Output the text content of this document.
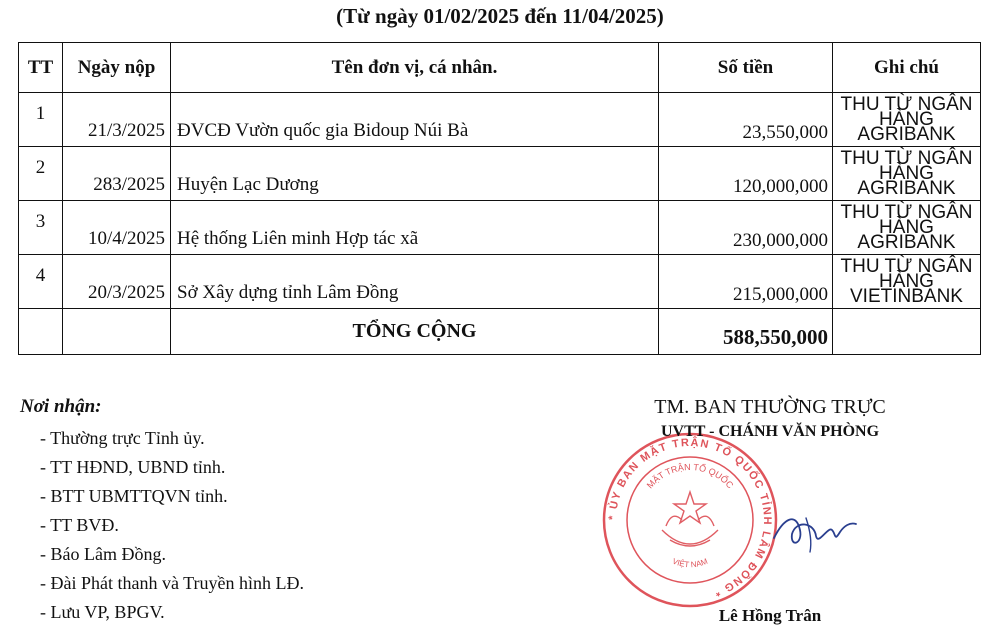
(Từ ngày 01/02/2025 đến 11/04/2025)
TT	Ngày nộp	Tên đơn vị, cá nhân.	Số tiền	Ghi chú
1	21/3/2025	ĐVCĐ Vườn quốc gia Bidoup Núi Bà	23,550,000	THU TỪ NGÂN HÀNG
AGRIBANK

2	283/2025	Huyện Lạc Dương	120,000,000	THU TỪ NGÂN HÀNG
AGRIBANK

3	10/4/2025	Hệ thống Liên minh Hợp tác xã	230,000,000	THU TỪ NGÂN HÀNG
AGRIBANK

4	20/3/2025	Sở Xây dựng tỉnh Lâm Đồng	215,000,000	THU TỪ NGÂN HÀNG
VIETINBANK

		TỔNG CỘNG	588,550,000	
Nơi nhận:
- Thường trực Tỉnh ủy.
- TT HĐND, UBND tỉnh.
- BTT UBMTTQVN tỉnh.
- TT BVĐ.
- Báo Lâm Đồng.
- Đài Phát thanh và Truyền hình LĐ.
- Lưu VP, BPGV.
* ỦY BAN MẶT TRẬN TỔ QUỐC TỈNH LÂM ĐỒNG *
MẶT TRẬN TỔ QUỐC
VIỆT NAM
TM. BAN THƯỜNG TRỰC
UVTT - CHÁNH VĂN PHÒNG
Lê Hồng Trân
